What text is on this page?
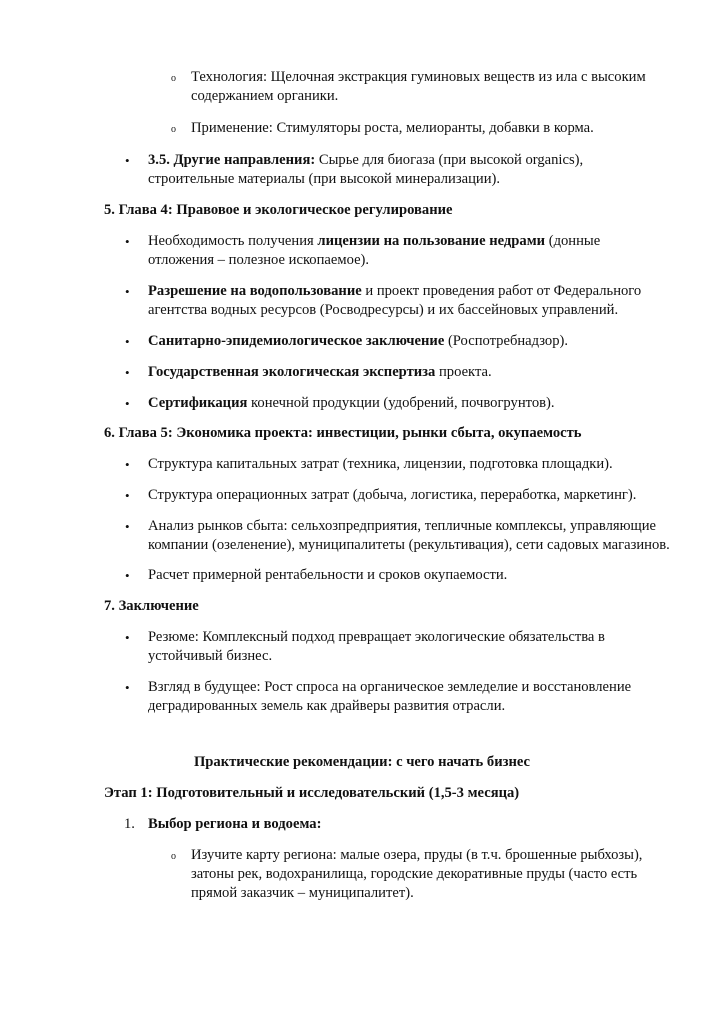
o Технология: Щелочная экстракция гуминовых веществ из ила с высоким
содержанием органики.
o Применение: Стимуляторы роста, мелиоранты, добавки в корма.
• 3.5. Другие направления: Сырье для биогаза (при высокой organics),
строительные материалы (при высокой минерализации).
5. Глава 4: Правовое и экологическое регулирование
• Необходимость получения лицензии на пользование недрами (донные
отложения – полезное ископаемое).
• Разрешение на водопользование и проект проведения работ от Федерального
агентства водных ресурсов (Росводресурсы) и их бассейновых управлений.
• Санитарно-эпидемиологическое заключение (Роспотребнадзор).
• Государственная экологическая экспертиза проекта.
• Сертификация конечной продукции (удобрений, почвогрунтов).
6. Глава 5: Экономика проекта: инвестиции, рынки сбыта, окупаемость
• Структура капитальных затрат (техника, лицензии, подготовка площадки).
• Структура операционных затрат (добыча, логистика, переработка, маркетинг).
• Анализ рынков сбыта: сельхозпредприятия, тепличные комплексы, управляющие
компании (озеленение), муниципалитеты (рекультивация), сети садовых магазинов.
• Расчет примерной рентабельности и сроков окупаемости.
7. Заключение
• Резюме: Комплексный подход превращает экологические обязательства в
устойчивый бизнес.
• Взгляд в будущее: Рост спроса на органическое земледелие и восстановление
деградированных земель как драйверы развития отрасли.
Практические рекомендации: с чего начать бизнес
Этап 1: Подготовительный и исследовательский (1,5-3 месяца)
1. Выбор региона и водоема:
o Изучите карту региона: малые озера, пруды (в т.ч. брошенные рыбхозы),
затоны рек, водохранилища, городские декоративные пруды (часто есть
прямой заказчик – муниципалитет).
